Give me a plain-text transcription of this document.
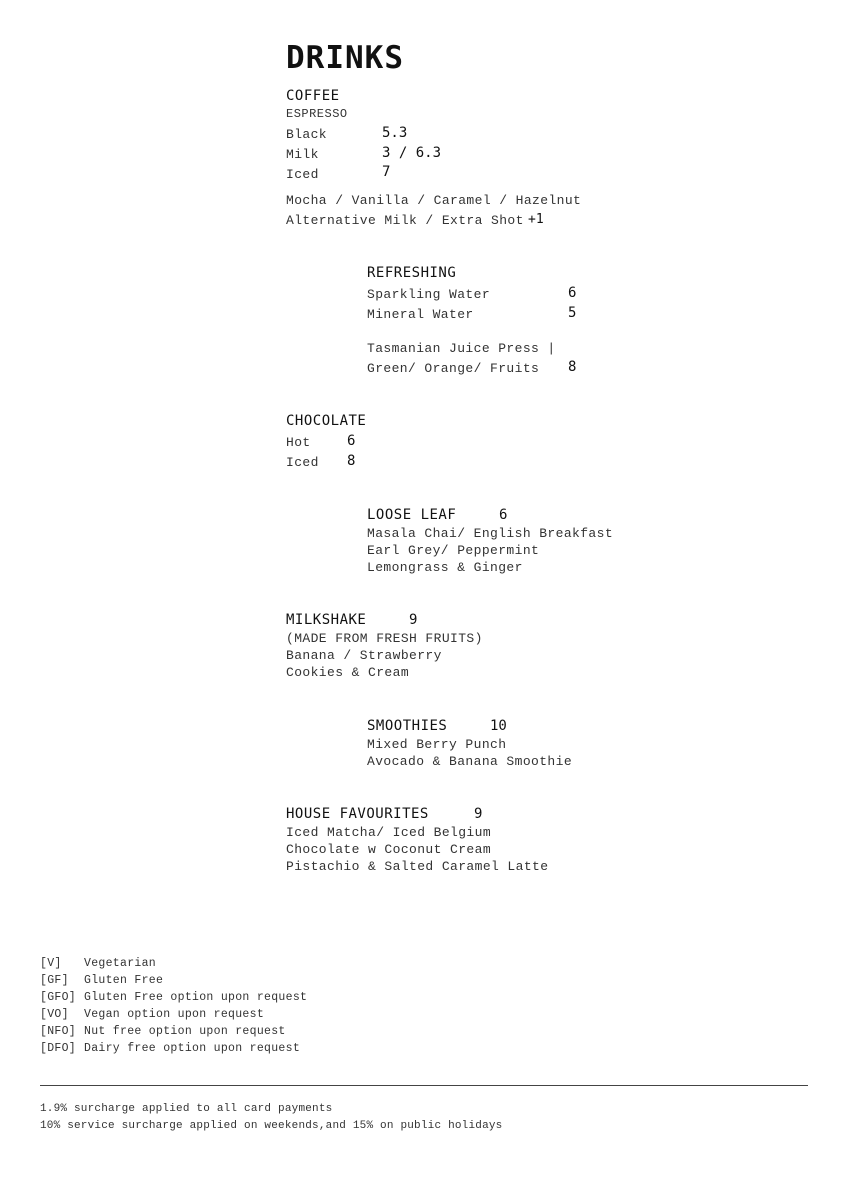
DRINKS
COFFEE
ESPRESSO
Black	5.3
Milk	3 / 6.3
Iced	7
Mocha / Vanilla / Caramel / Hazelnut
Alternative Milk / Extra Shot +1
REFRESHING
Sparkling Water	6
Mineral Water	5
Tasmanian Juice Press |
Green/ Orange/ Fruits 8
CHOCOLATE
Hot	6
Iced 8
LOOSE LEAF	6
Masala Chai/ English Breakfast
Earl Grey/ Peppermint
Lemongrass & Ginger
MILKSHAKE	9
(MADE FROM FRESH FRUITS)
Banana / Strawberry
Cookies & Cream
SMOOTHIES	10
Mixed Berry Punch
Avocado & Banana Smoothie
HOUSE FAVOURITES	9
Iced Matcha/ Iced Belgium
Chocolate w Coconut Cream
Pistachio & Salted Caramel Latte
[V] Vegetarian
[GF] Gluten Free
[GFO] Gluten Free option upon request
[VO] Vegan option upon request
[NFO] Nut free option upon request
[DFO] Dairy free option upon request
1.9% surcharge applied to all card payments
10% service surcharge applied on weekends,and 15% on public holidays
